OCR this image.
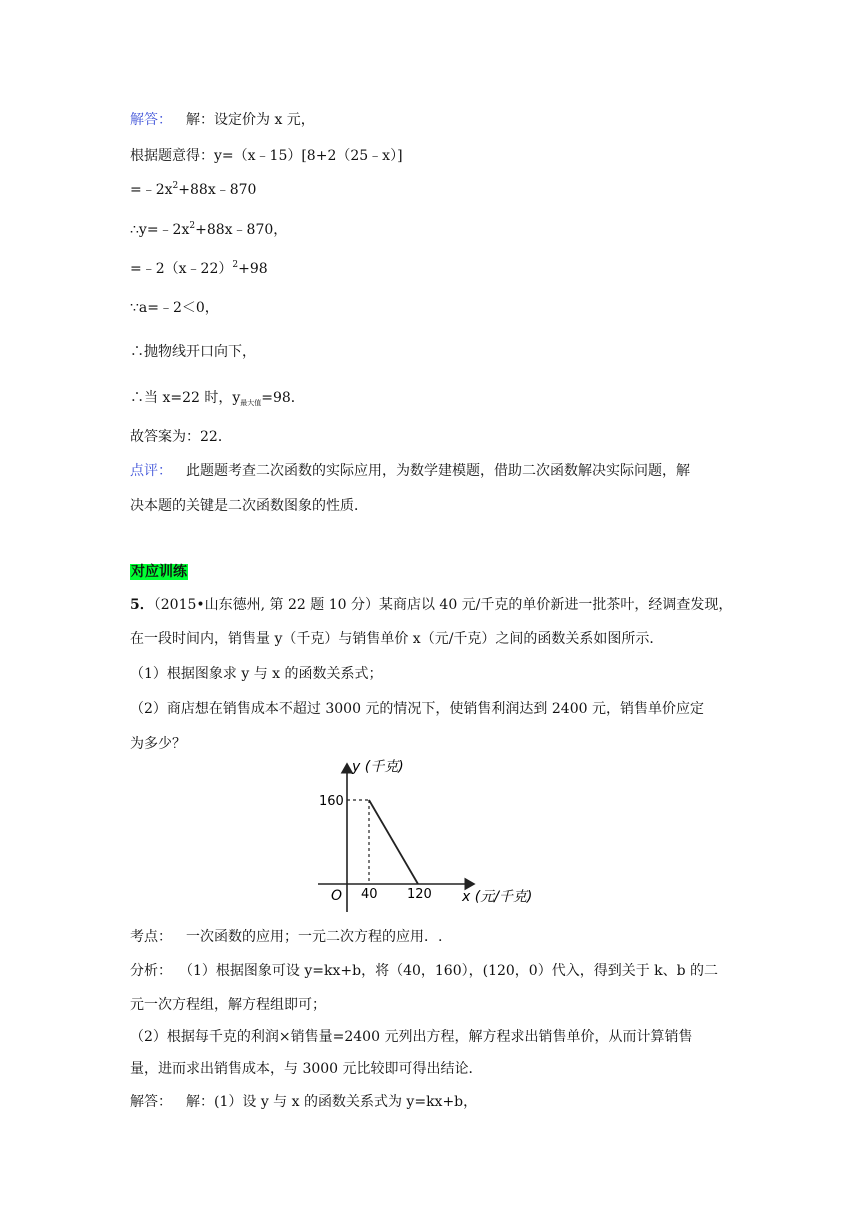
解答： 解：设定价为 x 元，
根据题意得：y=（x﹣15）[8+2（25﹣x）]
$=﹣2x^2+88x﹣870$
$\therefore y=﹣2x^2+88x﹣870$，
=﹣2（x﹣22）$^2$+98
∵a=﹣2＜0，
∴抛物线开口向下，
∴当 x=22 时，$y_{最大值}=98$．
故答案为：22．
点评： 此题题考查二次函数的实际应用，为数学建模题，借助二次函数解决实际问题，解
决本题的关键是二次函数图象的性质．
对应训练
5．（2015•山东德州, 第 22 题 10 分）某商店以 40 元/千克的单价新进一批茶叶，经调查发现，
在一段时间内，销售量 y（千克）与销售单价 x（元/千克）之间的函数关系如图所示．
（1）根据图象求 y 与 x 的函数关系式；
（2）商店想在销售成本不超过 3000 元的情况下，使销售利润达到 2400 元，销售单价应定
为多少？
y (千克)
160
O 40 120 x (元/千克)
考点： 一次函数的应用；一元二次方程的应用．.
分析： （1）根据图象可设 y=kx+b，将（40，160），(120，0）代入，得到关于 k、b 的二
元一次方程组，解方程组即可；
（2）根据每千克的利润×销售量=2400 元列出方程，解方程求出销售单价，从而计算销售
量，进而求出销售成本，与 3000 元比较即可得出结论．
解答： 解：(1）设 y 与 x 的函数关系式为 y=kx+b，
